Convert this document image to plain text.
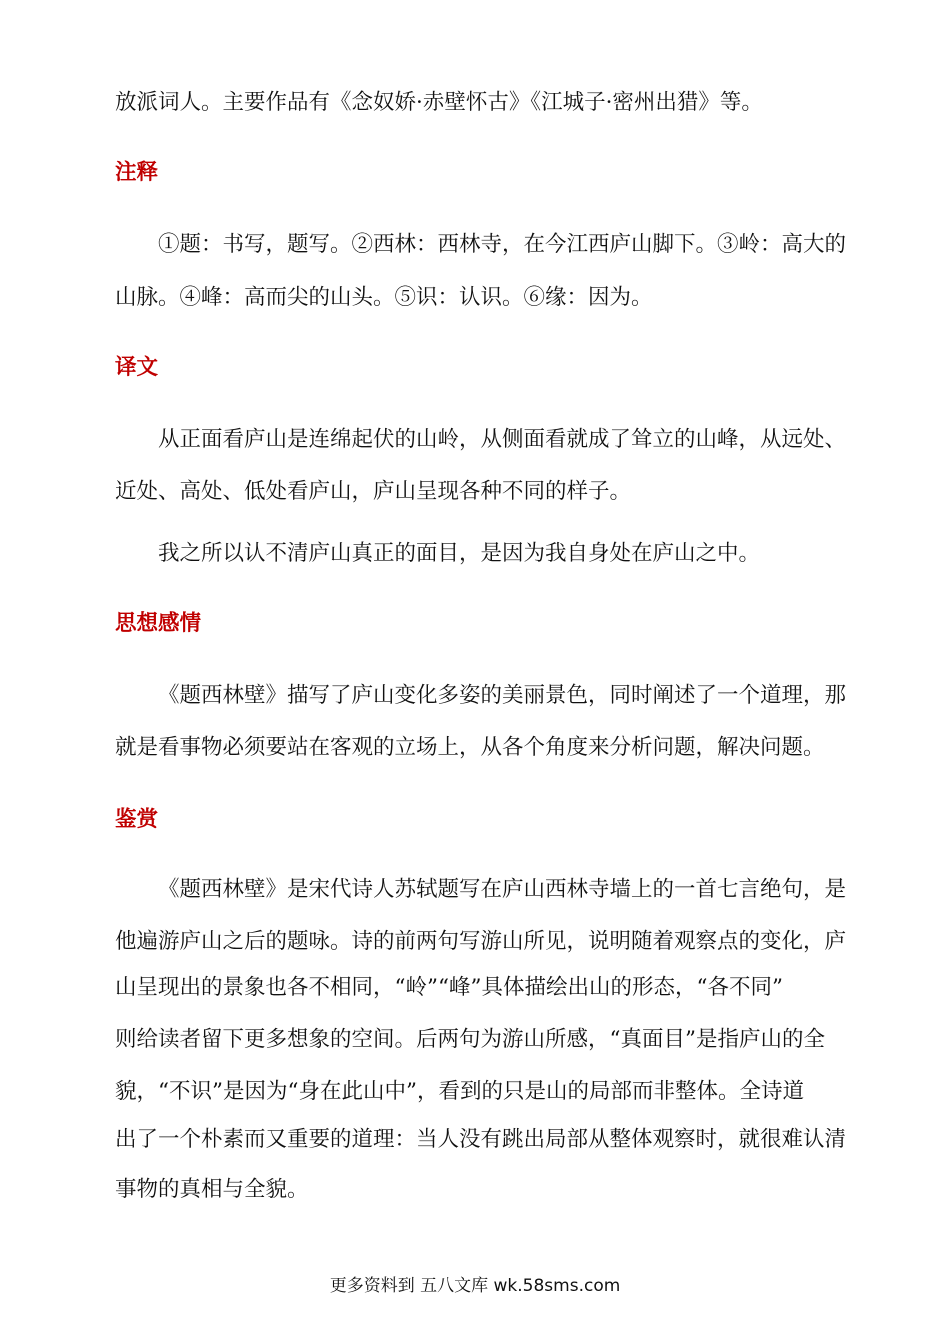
放派词人。主要作品有《念奴娇·赤壁怀古》《江城子·密州出猎》等。

注释

①题：书写，题写。②西林：西林寺，在今江西庐山脚下。③岭：高大的

山脉。④峰：高而尖的山头。⑤识：认识。⑥缘：因为。

译文

从正面看庐山是连绵起伏的山岭，从侧面看就成了耸立的山峰，从远处、

近处、高处、低处看庐山，庐山呈现各种不同的样子。

我之所以认不清庐山真正的面目，是因为我自身处在庐山之中。

思想感情

《题西林壁》描写了庐山变化多姿的美丽景色，同时阐述了一个道理，那

就是看事物必须要站在客观的立场上，从各个角度来分析问题，解决问题。

鉴赏

《题西林壁》是宋代诗人苏轼题写在庐山西林寺墙上的一首七言绝句，是

他遍游庐山之后的题咏。诗的前两句写游山所见，说明随着观察点的变化，庐

山呈现出的景象也各不相同，“岭”“峰”具体描绘出山的形态，“各不同”

则给读者留下更多想象的空间。后两句为游山所感，“真面目”是指庐山的全

貌，“不识”是因为“身在此山中”，看到的只是山的局部而非整体。全诗道

出了一个朴素而又重要的道理：当人没有跳出局部从整体观察时，就很难认清

事物的真相与全貌。

更多资料到 五八文库 wk.58sms.com
